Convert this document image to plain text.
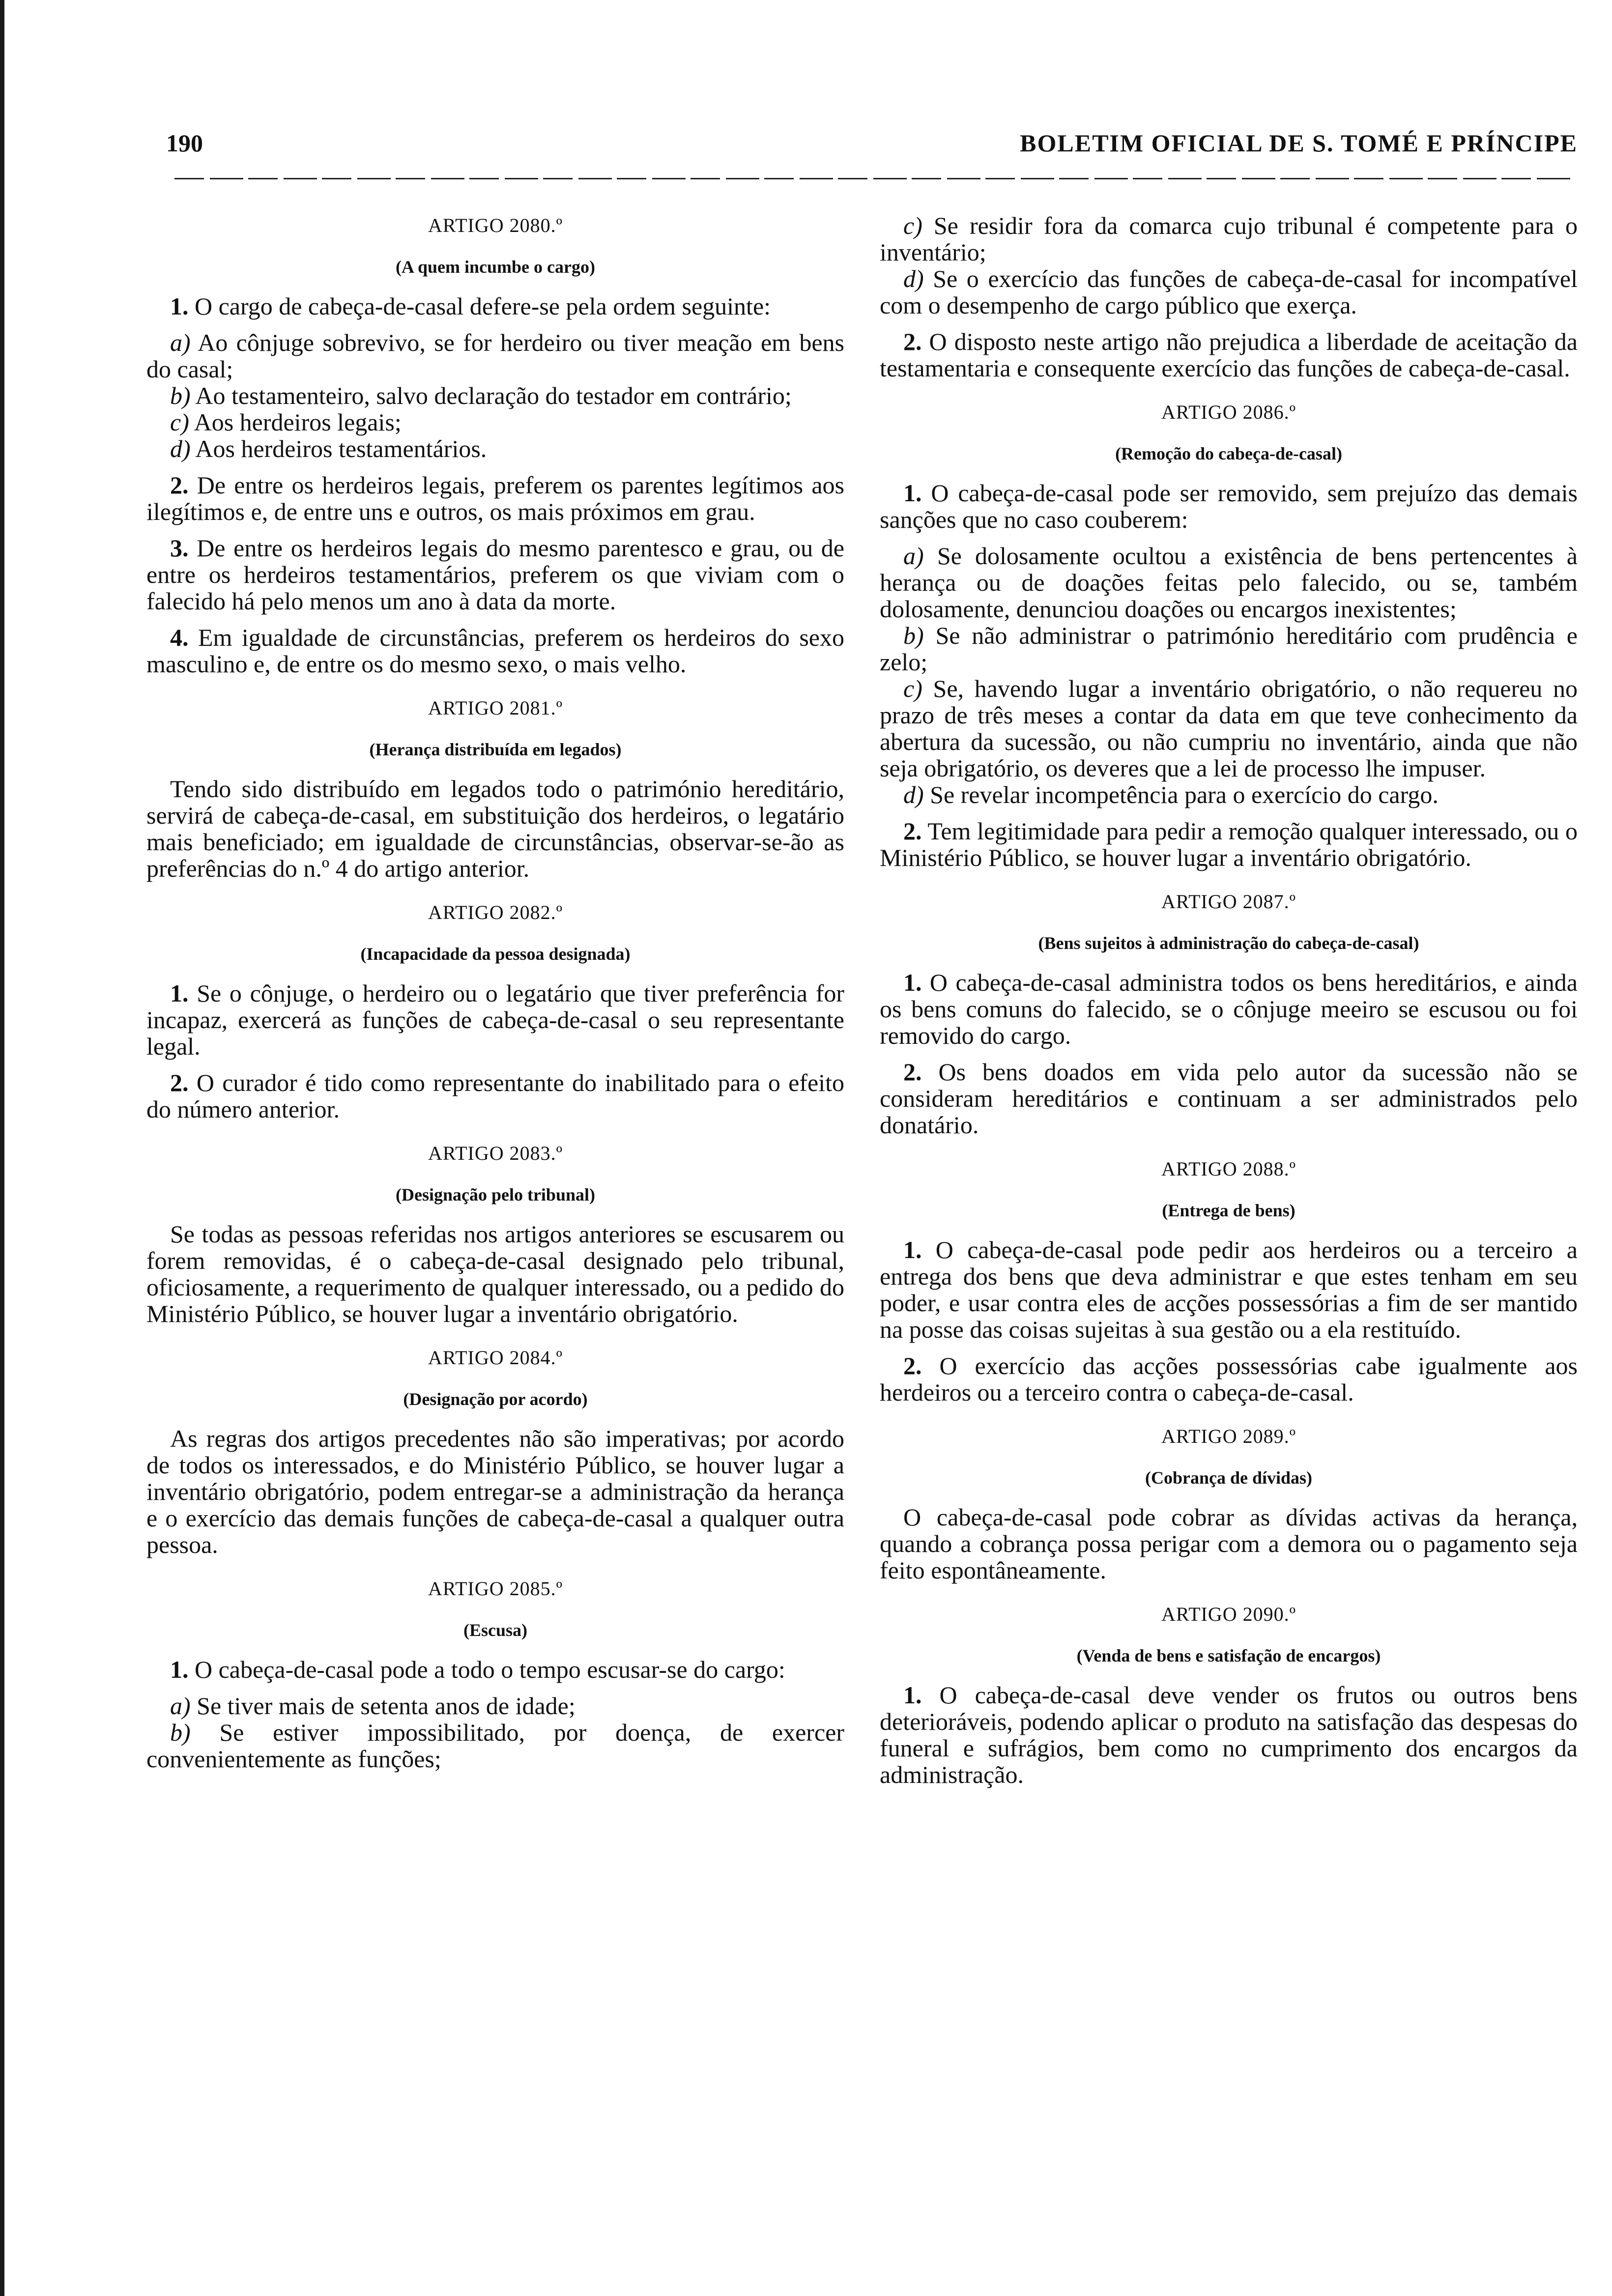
190	BOLETIM OFICIAL DE S. TOMÉ E PRÍNCIPE
ARTIGO 2080.º
(A quem incumbe o cargo)
1. O cargo de cabeça-de-casal defere-se pela ordem seguinte:
a) Ao cônjuge sobrevivo, se for herdeiro ou tiver meação em bens do casal;
b) Ao testamenteiro, salvo declaração do testador em contrário;
c) Aos herdeiros legais;
d) Aos herdeiros testamentários.
2. De entre os herdeiros legais, preferem os parentes legítimos aos ilegítimos e, de entre uns e outros, os mais próximos em grau.
3. De entre os herdeiros legais do mesmo parentesco e grau, ou de entre os herdeiros testamentários, preferem os que viviam com o falecido há pelo menos um ano à data da morte.
4. Em igualdade de circunstâncias, preferem os herdeiros do sexo masculino e, de entre os do mesmo sexo, o mais velho.
ARTIGO 2081.º
(Herança distribuída em legados)
Tendo sido distribuído em legados todo o património hereditário, servirá de cabeça-de-casal, em substituição dos herdeiros, o legatário mais beneficiado; em igualdade de circunstâncias, observar-se-ão as preferências do n.º 4 do artigo anterior.
ARTIGO 2082.º
(Incapacidade da pessoa designada)
1. Se o cônjuge, o herdeiro ou o legatário que tiver preferência for incapaz, exercerá as funções de cabeça-de-casal o seu representante legal.
2. O curador é tido como representante do inabilitado para o efeito do número anterior.
ARTIGO 2083.º
(Designação pelo tribunal)
Se todas as pessoas referidas nos artigos anteriores se escusarem ou forem removidas, é o cabeça-de-casal designado pelo tribunal, oficiosamente, a requerimento de qualquer interessado, ou a pedido do Ministério Público, se houver lugar a inventário obrigatório.
ARTIGO 2084.º
(Designação por acordo)
As regras dos artigos precedentes não são imperativas; por acordo de todos os interessados, e do Ministério Público, se houver lugar a inventário obrigatório, podem entregar-se a administração da herança e o exercício das demais funções de cabeça-de-casal a qualquer outra pessoa.
ARTIGO 2085.º
(Escusa)
1. O cabeça-de-casal pode a todo o tempo escusar-se do cargo:
a) Se tiver mais de setenta anos de idade;
b) Se estiver impossibilitado, por doença, de exercer convenientemente as funções;
c) Se residir fora da comarca cujo tribunal é competente para o inventário;
d) Se o exercício das funções de cabeça-de-casal for incompatível com o desempenho de cargo público que exerça.
2. O disposto neste artigo não prejudica a liberdade de aceitação da testamentaria e consequente exercício das funções de cabeça-de-casal.
ARTIGO 2086.º
(Remoção do cabeça-de-casal)
1. O cabeça-de-casal pode ser removido, sem prejuízo das demais sanções que no caso couberem:
a) Se dolosamente ocultou a existência de bens pertencentes à herança ou de doações feitas pelo falecido, ou se, também dolosamente, denunciou doações ou encargos inexistentes;
b) Se não administrar o património hereditário com prudência e zelo;
c) Se, havendo lugar a inventário obrigatório, o não requereu no prazo de três meses a contar da data em que teve conhecimento da abertura da sucessão, ou não cumpriu no inventário, ainda que não seja obrigatório, os deveres que a lei de processo lhe impuser.
d) Se revelar incompetência para o exercício do cargo.
2. Tem legitimidade para pedir a remoção qualquer interessado, ou o Ministério Público, se houver lugar a inventário obrigatório.
ARTIGO 2087.º
(Bens sujeitos à administração do cabeça-de-casal)
1. O cabeça-de-casal administra todos os bens hereditários, e ainda os bens comuns do falecido, se o cônjuge meeiro se escusou ou foi removido do cargo.
2. Os bens doados em vida pelo autor da sucessão não se consideram hereditários e continuam a ser administrados pelo donatário.
ARTIGO 2088.º
(Entrega de bens)
1. O cabeça-de-casal pode pedir aos herdeiros ou a terceiro a entrega dos bens que deva administrar e que estes tenham em seu poder, e usar contra eles de acções possessórias a fim de ser mantido na posse das coisas sujeitas à sua gestão ou a ela restituído.
2. O exercício das acções possessórias cabe igualmente aos herdeiros ou a terceiro contra o cabeça-de-casal.
ARTIGO 2089.º
(Cobrança de dívidas)
O cabeça-de-casal pode cobrar as dívidas activas da herança, quando a cobrança possa perigar com a demora ou o pagamento seja feito espontâneamente.
ARTIGO 2090.º
(Venda de bens e satisfação de encargos)
1. O cabeça-de-casal deve vender os frutos ou outros bens deterioráveis, podendo aplicar o produto na satisfação das despesas do funeral e sufrágios, bem como no cumprimento dos encargos da administração.
